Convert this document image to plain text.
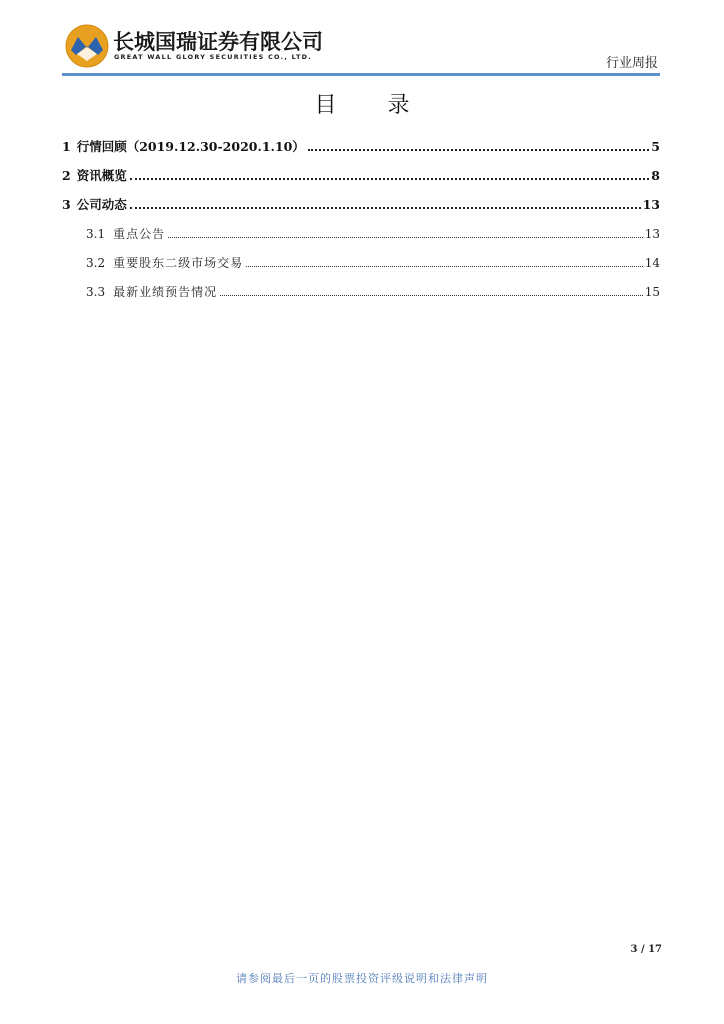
长城国瑞证券有限公司
GREAT WALL GLORY SECURITIES CO., LTD.	行业周报
目 录
1 行情回顾（2019.12.30-2020.1.10）	5
2 资讯概览	8
3 公司动态	13
3.1 重点公告	13
3.2 重要股东二级市场交易	14
3.3 最新业绩预告情况	15
3 / 17
请参阅最后一页的股票投资评级说明和法律声明
